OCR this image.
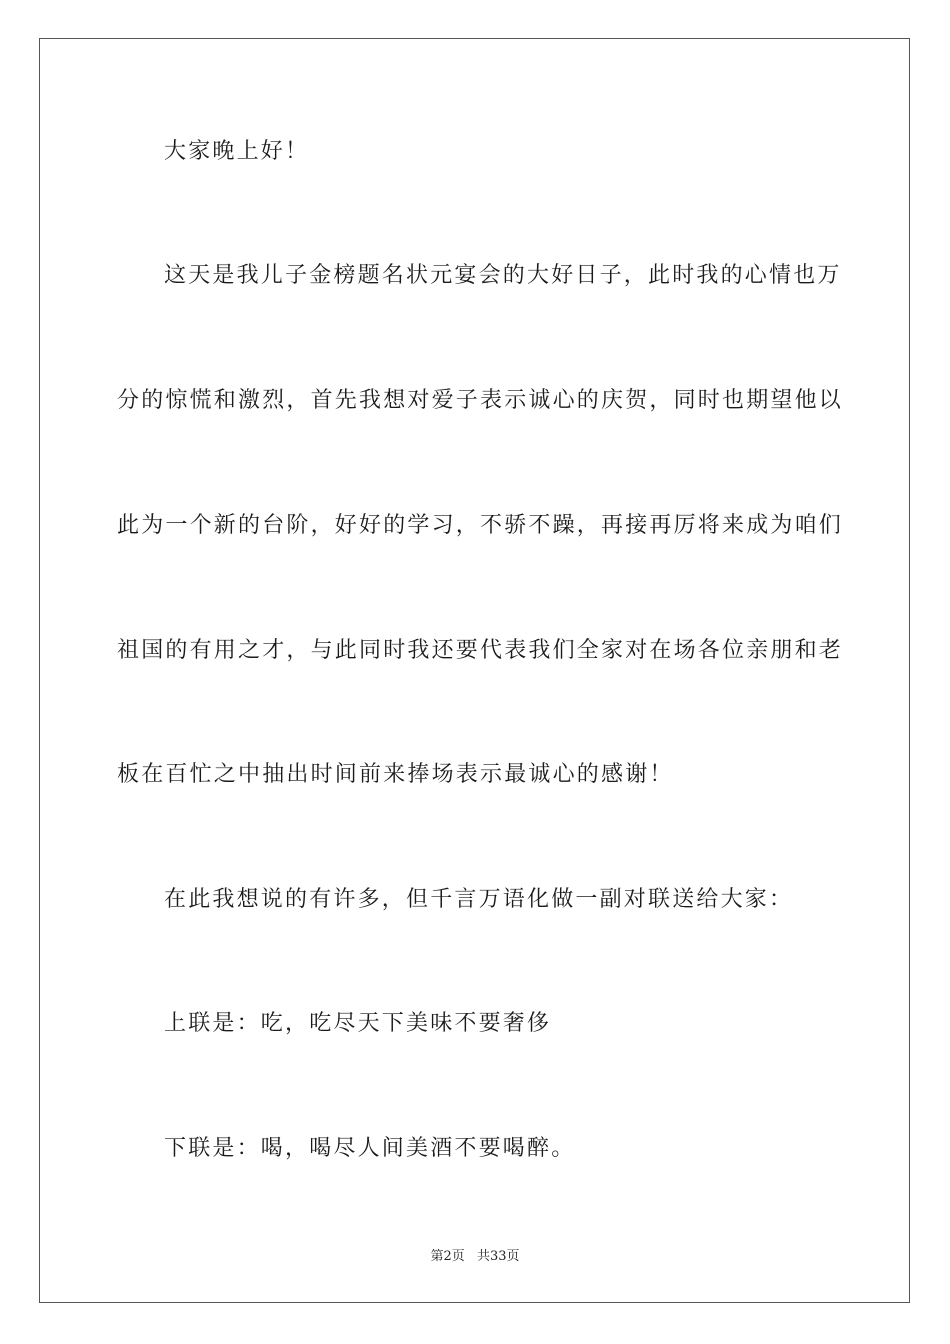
大家晚上好！
这天是我儿子金榜题名状元宴会的大好日子，此时我的心情也万
分的惊慌和激烈，首先我想对爱子表示诚心的庆贺，同时也期望他以
此为一个新的台阶，好好的学习，不骄不躁，再接再厉将来成为咱们
祖国的有用之才，与此同时我还要代表我们全家对在场各位亲朋和老
板在百忙之中抽出时间前来捧场表示最诚心的感谢！
在此我想说的有许多，但千言万语化做一副对联送给大家：
上联是：吃，吃尽天下美味不要奢侈
下联是：喝，喝尽人间美酒不要喝醉。
第2页 共33页
